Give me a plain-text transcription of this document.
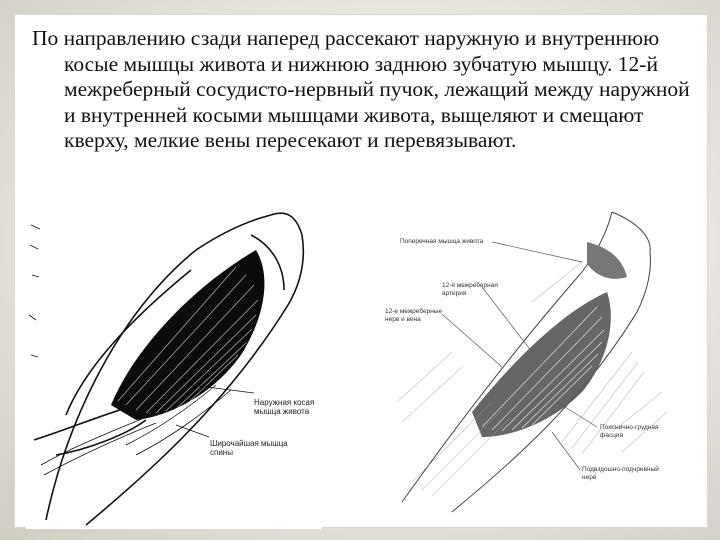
По направлению сзади наперед рассекают наружную и внутреннюю косые мышцы живота и нижнюю заднюю зубчатую мышцу. 12-й межреберный сосудисто-нервный пучок, лежащий между наружной и внутренней косыми мышцами живота, выщеляют и смещают кверху, мелкие вены пересекают и перевязывают.

Наружная косая
мышца живота
Широчайшая мышца
спины
Поперечная мышца живота
12-я межреберная
артерия
12-е межреберные
нерв и вена
Пояснично-грудная
фасция
Подвздошно-подчревный
нерв
